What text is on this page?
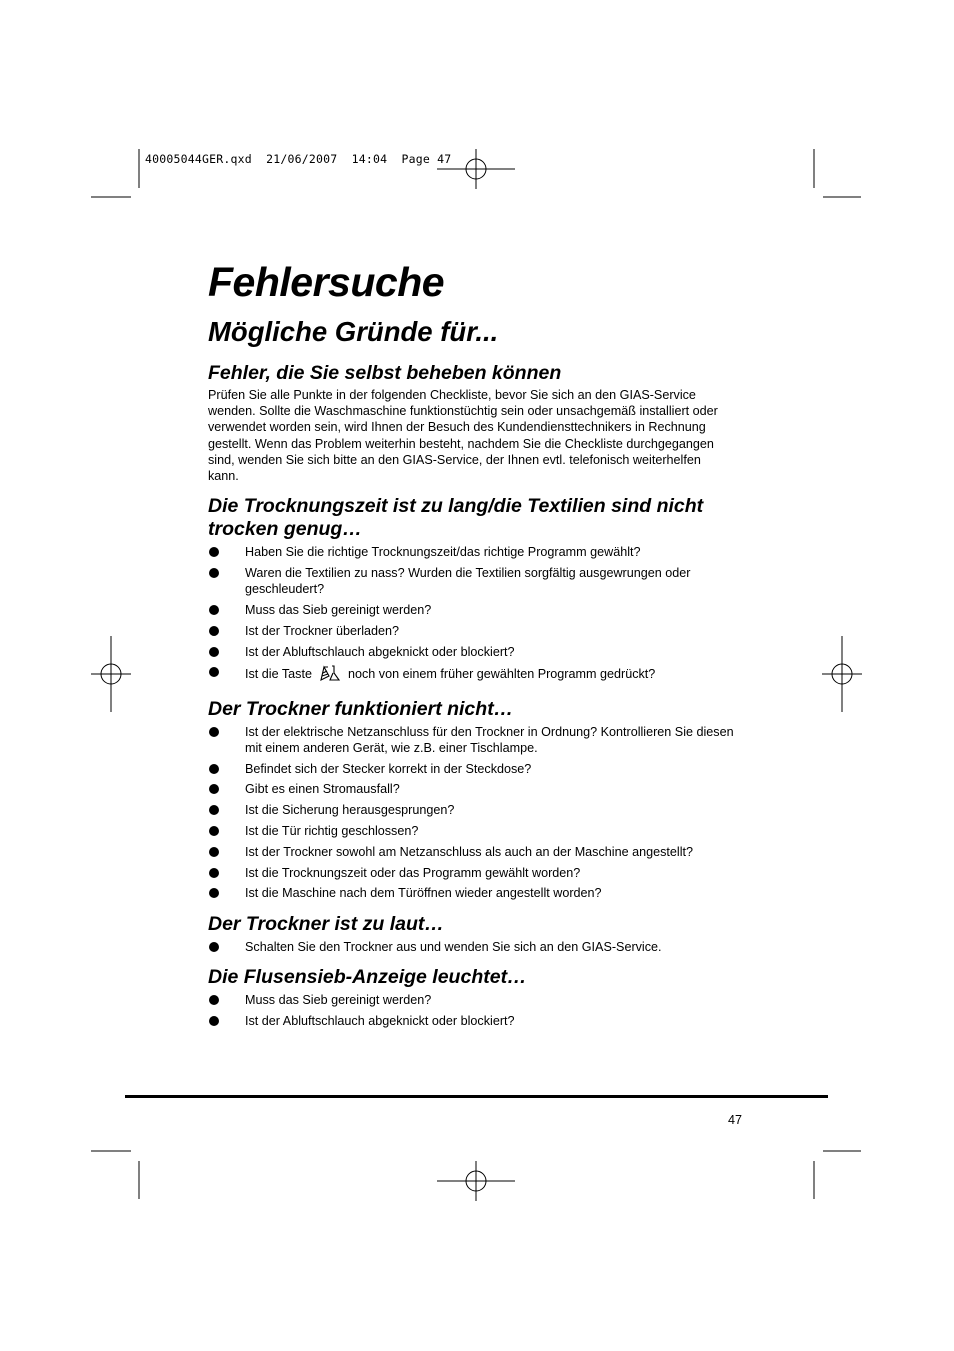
40005044GER.qxd  21/06/2007  14:04  Page 47
Fehlersuche
Mögliche Gründe für...
Fehler, die Sie selbst beheben können

Prüfen Sie alle Punkte in der folgenden Checkliste, bevor Sie sich an den GIAS-Service wenden. Sollte die Waschmaschine funktionstüchtig sein oder unsachgemäß installiert oder verwendet worden sein, wird Ihnen der Besuch des Kundendiensttechnikers in Rechnung gestellt. Wenn das Problem weiterhin besteht, nachdem Sie die Checkliste durchgegangen sind, wenden Sie sich bitte an den GIAS-Service, der Ihnen evtl. telefonisch weiterhelfen kann.

Die Trocknungszeit ist zu lang/die Textilien sind nicht trocken genug…
Haben Sie die richtige Trocknungszeit/das richtige Programm gewählt?
Waren die Textilien zu nass? Wurden die Textilien sorgfältig ausgewrungen oder geschleudert?
Muss das Sieb gereinigt werden?
Ist der Trockner überladen?
Ist der Abluftschlauch abgeknickt oder blockiert?
Ist die Taste	noch von einem früher gewählten Programm gedrückt?
Der Trockner funktioniert nicht…
Ist der elektrische Netzanschluss für den Trockner in Ordnung? Kontrollieren Sie diesen mit einem anderen Gerät, wie z.B. einer Tischlampe.
Befindet sich der Stecker korrekt in der Steckdose?
Gibt es einen Stromausfall?
Ist die Sicherung herausgesprungen?
Ist die Tür richtig geschlossen?
Ist der Trockner sowohl am Netzanschluss als auch an der Maschine angestellt?
Ist die Trocknungszeit oder das Programm gewählt worden?
Ist die Maschine nach dem Türöffnen wieder angestellt worden?
Der Trockner ist zu laut…
Schalten Sie den Trockner aus und wenden Sie sich an den GIAS-Service.
Die Flusensieb-Anzeige leuchtet…
Muss das Sieb gereinigt werden?
Ist der Abluftschlauch abgeknickt oder blockiert?
47
